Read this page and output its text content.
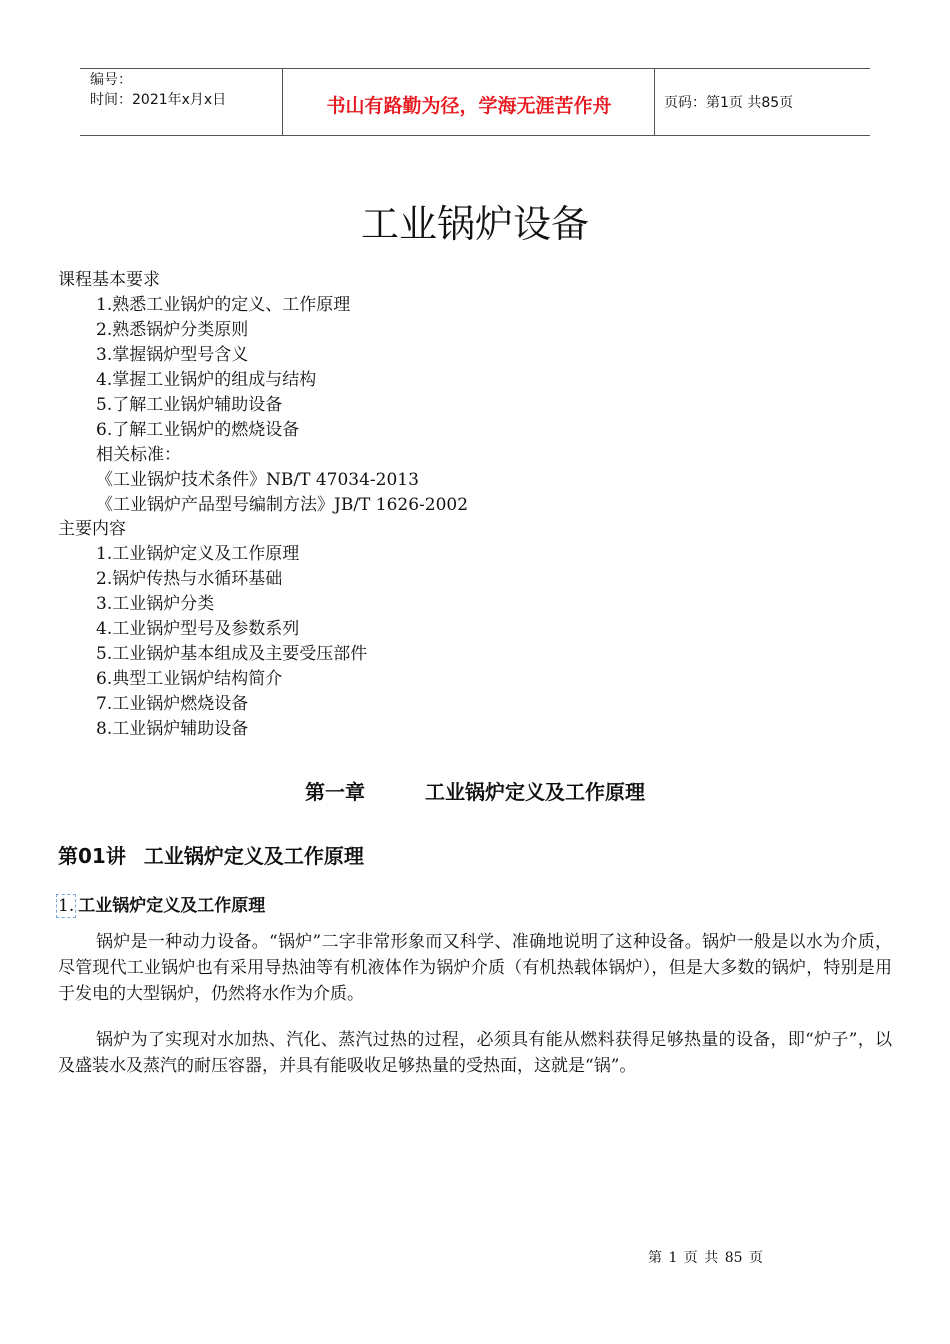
编号：
时间：2021年x月x日	书山有路勤为径，学海无涯苦作舟	页码：第1页 共85页
工业锅炉设备
课程基本要求
1.熟悉工业锅炉的定义、工作原理
2.熟悉锅炉分类原则
3.掌握锅炉型号含义
4.掌握工业锅炉的组成与结构
5.了解工业锅炉辅助设备
6.了解工业锅炉的燃烧设备
相关标准：
《工业锅炉技术条件》NB/T 47034-2013
《工业锅炉产品型号编制方法》JB/T 1626-2002
主要内容
1.工业锅炉定义及工作原理
2.锅炉传热与水循环基础
3.工业锅炉分类
4.工业锅炉型号及参数系列
5.工业锅炉基本组成及主要受压部件
6.典型工业锅炉结构简介
7.工业锅炉燃烧设备
8.工业锅炉辅助设备
第一章	工业锅炉定义及工作原理
第01讲 工业锅炉定义及工作原理
1. 工业锅炉定义及工作原理

锅炉是一种动力设备。“锅炉”二字非常形象而又科学、准确地说明了这种设备。锅炉一般是以水为介质，尽管现代工业锅炉也有采用导热油等有机液体作为锅炉介质（有机热载体锅炉），但是大多数的锅炉，特别是用于发电的大型锅炉，仍然将水作为介质。

锅炉为了实现对水加热、汽化、蒸汽过热的过程，必须具有能从燃料获得足够热量的设备，即“炉子”，以及盛装水及蒸汽的耐压容器，并具有能吸收足够热量的受热面，这就是“锅”。

第 1 页 共 85 页
